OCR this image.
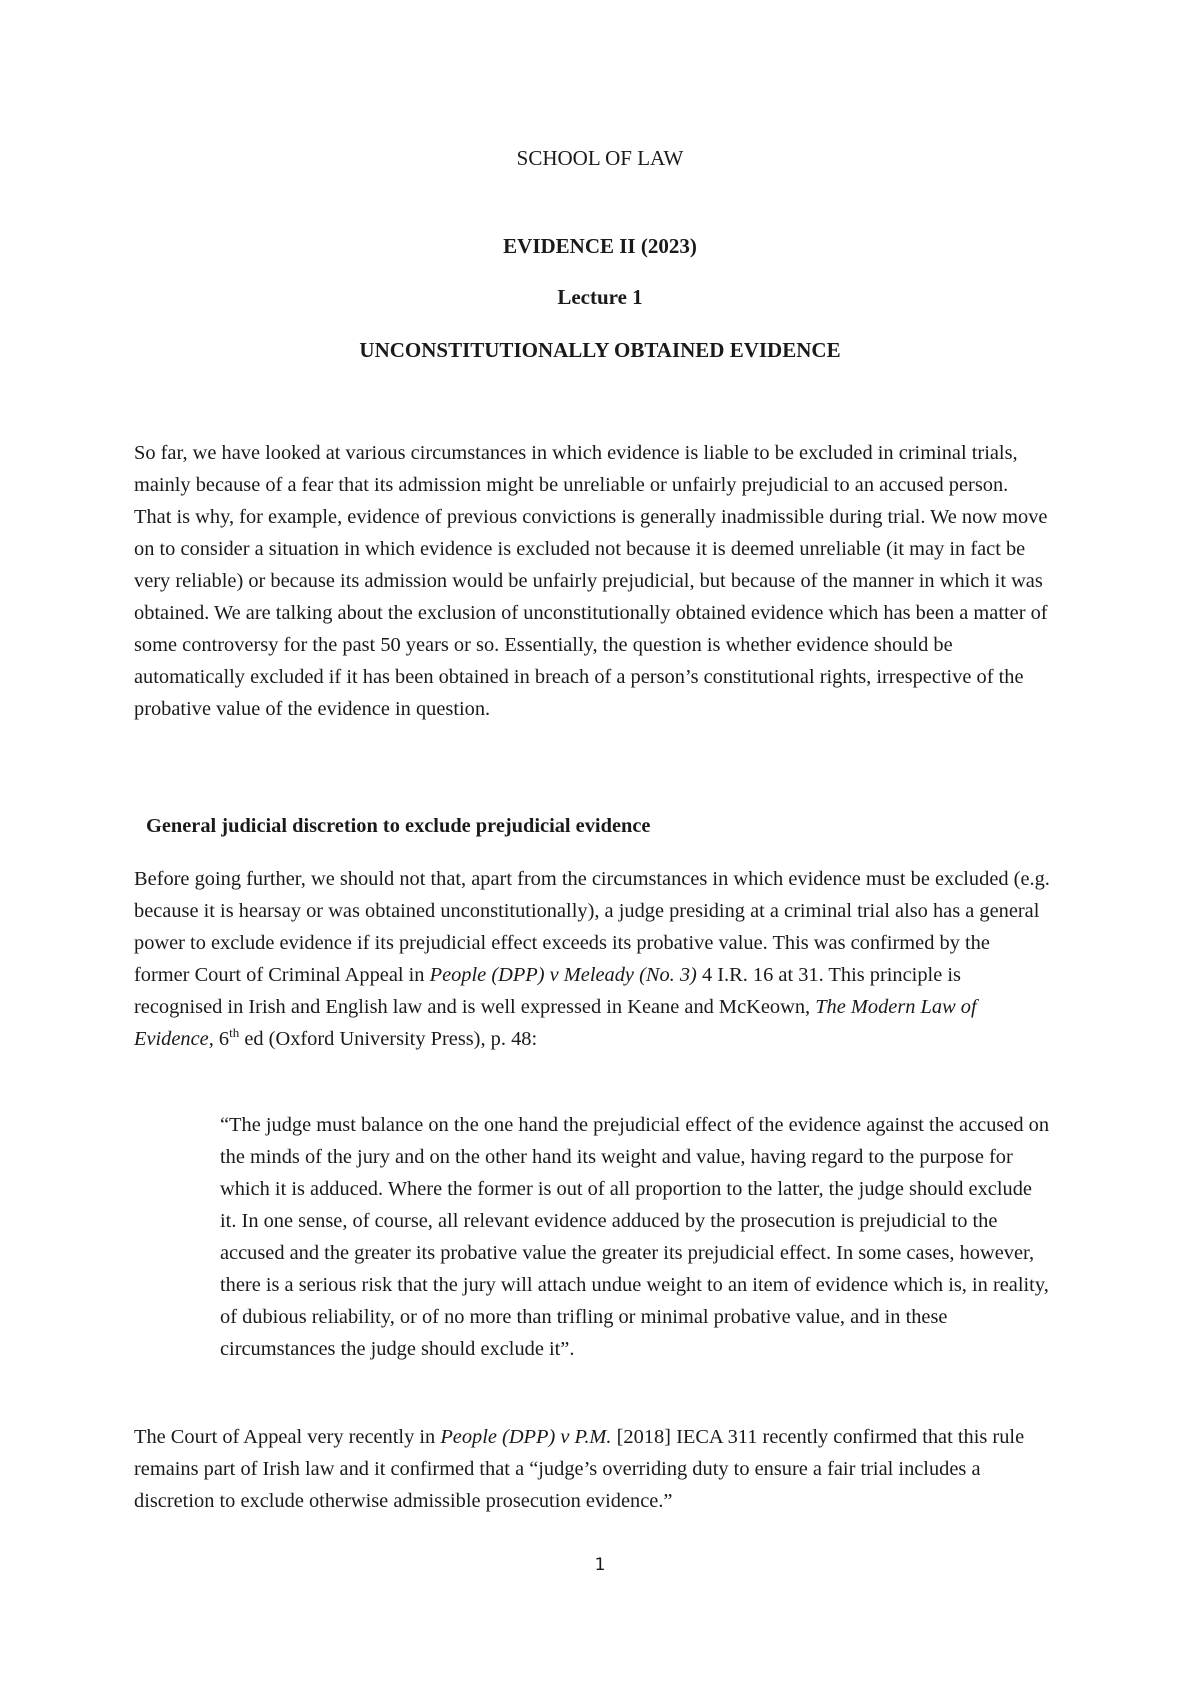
SCHOOL OF LAW
EVIDENCE II (2023)
Lecture 1
UNCONSTITUTIONALLY OBTAINED EVIDENCE

So far, we have looked at various circumstances in which evidence is liable to be excluded in criminal trials, mainly because of a fear that its admission might be unreliable or unfairly prejudicial to an accused person. That is why, for example, evidence of previous convictions is generally inadmissible during trial. We now move on to consider a situation in which evidence is excluded not because it is deemed unreliable (it may in fact be very reliable) or because its admission would be unfairly prejudicial, but because of the manner in which it was obtained. We are talking about the exclusion of unconstitutionally obtained evidence which has been a matter of some controversy for the past 50 years or so. Essentially, the question is whether evidence should be automatically excluded if it has been obtained in breach of a person’s constitutional rights, irrespective of the probative value of the evidence in question.

General judicial discretion to exclude prejudicial evidence

Before going further, we should not that, apart from the circumstances in which evidence must be excluded (e.g. because it is hearsay or was obtained unconstitutionally), a judge presiding at a criminal trial also has a general power to exclude evidence if its prejudicial effect exceeds its probative value. This was confirmed by the former Court of Criminal Appeal in People (DPP) v Meleady (No. 3) 4 I.R. 16 at 31. This principle is recognised in Irish and English law and is well expressed in Keane and McKeown, The Modern Law of Evidence, 6th ed (Oxford University Press), p. 48:

“The judge must balance on the one hand the prejudicial effect of the evidence against the accused on the minds of the jury and on the other hand its weight and value, having regard to the purpose for which it is adduced. Where the former is out of all proportion to the latter, the judge should exclude it. In one sense, of course, all relevant evidence adduced by the prosecution is prejudicial to the accused and the greater its probative value the greater its prejudicial effect. In some cases, however, there is a serious risk that the jury will attach undue weight to an item of evidence which is, in reality, of dubious reliability, or of no more than trifling or minimal probative value, and in these circumstances the judge should exclude it”.

The Court of Appeal very recently in People (DPP) v P.M. [2018] IECA 311 recently confirmed that this rule remains part of Irish law and it confirmed that a “judge’s overriding duty to ensure a fair trial includes a discretion to exclude otherwise admissible prosecution evidence.”

1
